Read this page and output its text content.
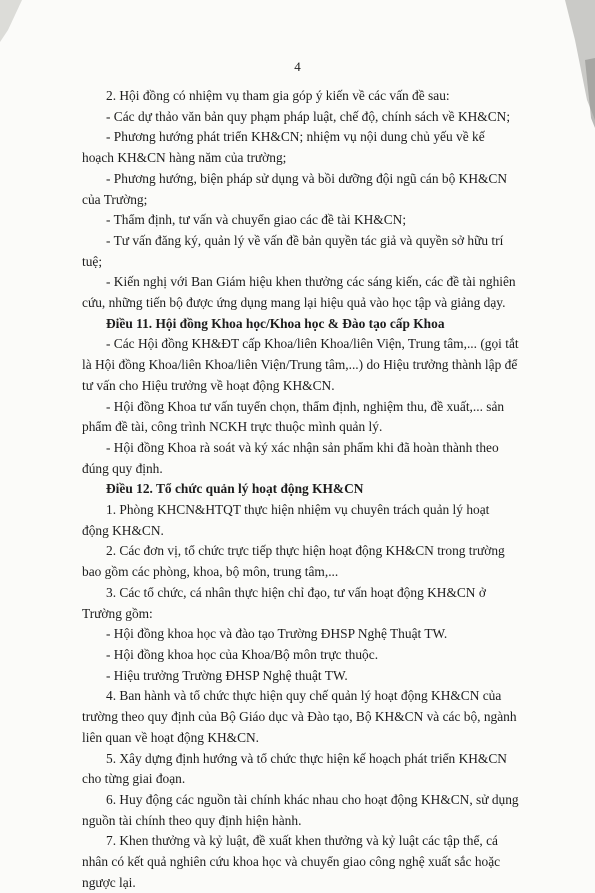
4

2. Hội đồng có nhiệm vụ tham gia góp ý kiến về các vấn đề sau:

- Các dự thảo văn bản quy phạm pháp luật, chế độ, chính sách về KH&CN;

- Phương hướng phát triển KH&CN; nhiệm vụ nội dung chủ yếu về kế hoạch KH&CN hàng năm của trường;

- Phương hướng, biện pháp sử dụng và bồi dưỡng đội ngũ cán bộ KH&CN của Trường;

- Thẩm định, tư vấn và chuyển giao các đề tài KH&CN;

- Tư vấn đăng ký, quản lý về vấn đề bản quyền tác giả và quyền sở hữu trí tuệ;

- Kiến nghị với Ban Giám hiệu khen thưởng các sáng kiến, các đề tài nghiên cứu, những tiến bộ được ứng dụng mang lại hiệu quả vào học tập và giảng dạy.

Điều 11. Hội đồng Khoa học/Khoa học & Đào tạo cấp Khoa

- Các Hội đồng KH&ĐT cấp Khoa/liên Khoa/liên Viện, Trung tâm,... (gọi tắt là Hội đồng Khoa/liên Khoa/liên Viện/Trung tâm,...) do Hiệu trưởng thành lập để tư vấn cho Hiệu trưởng về hoạt động KH&CN.

- Hội đồng Khoa tư vấn tuyển chọn, thẩm định, nghiệm thu, đề xuất,... sản phẩm đề tài, công trình NCKH trực thuộc mình quản lý.

- Hội đồng Khoa rà soát và ký xác nhận sản phẩm khi đã hoàn thành theo đúng quy định.

Điều 12. Tổ chức quản lý hoạt động KH&CN

1. Phòng KHCN&HTQT thực hiện nhiệm vụ chuyên trách quản lý hoạt động KH&CN.

2. Các đơn vị, tổ chức trực tiếp thực hiện hoạt động KH&CN trong trường bao gồm các phòng, khoa, bộ môn, trung tâm,...

3. Các tổ chức, cá nhân thực hiện chỉ đạo, tư vấn hoạt động KH&CN ở Trường gồm:

- Hội đồng khoa học và đào tạo Trường ĐHSP Nghệ Thuật TW.

- Hội đồng khoa học của Khoa/Bộ môn trực thuộc.

- Hiệu trưởng Trường ĐHSP Nghệ thuật TW.

4. Ban hành và tổ chức thực hiện quy chế quản lý hoạt động KH&CN của trường theo quy định của Bộ Giáo dục và Đào tạo, Bộ KH&CN và các bộ, ngành liên quan về hoạt động KH&CN.

5. Xây dựng định hướng và tổ chức thực hiện kế hoạch phát triển KH&CN cho từng giai đoạn.

6. Huy động các nguồn tài chính khác nhau cho hoạt động KH&CN, sử dụng nguồn tài chính theo quy định hiện hành.

7. Khen thưởng và kỷ luật, đề xuất khen thưởng và kỷ luật các tập thể, cá nhân có kết quả nghiên cứu khoa học và chuyển giao công nghệ xuất sắc hoặc ngược lại.
